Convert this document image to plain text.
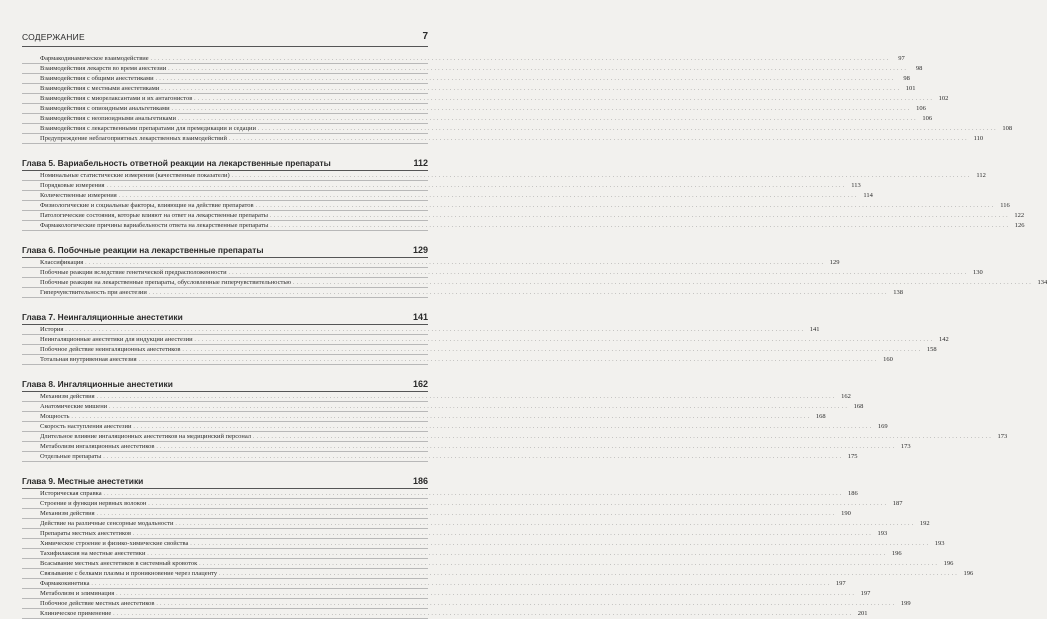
СОДЕРЖАНИЕ	7
Фармакодинамическое взаимодействие . . . . . . . . . . . . . . . . . . . . . . . . . . . . . . . . . . . . . . . . . . . . . . . . . . . . . . . . . . . . . . . . . . . . . . . . . . . . . . . . . . . . . . . . . . . . . . . . . . . . . . . . . . . . . . . . . . . . . . . . . . . . . . . . . . . . . . . . . . . . . . . . . . . . . . . . . . . . . . . . . . . . . . . . . . . . . . . . . . . . . . . . . . . . . . . . . . . . . . . .	97
Взаимодействия лекарств во время анестезии . . . . . . . . . . . . . . . . . . . . . . . . . . . . . . . . . . . . . . . . . . . . . . . . . . . . . . . . . . . . . . . . . . . . . . . . . . . . . . . . . . . . . . . . . . . . . . . . . . . . . . . . . . . . . . . . . . . . . . . . . . . . . . . . . . . . . . . . . . . . . . . . . . . . . . . . . . . . . . . . . . . . . . . . . . . . . . . . . . . . . . . . . . . . . . . . . . . . . . . .	98
Взаимодействия с общими анестетиками . . . . . . . . . . . . . . . . . . . . . . . . . . . . . . . . . . . . . . . . . . . . . . . . . . . . . . . . . . . . . . . . . . . . . . . . . . . . . . . . . . . . . . . . . . . . . . . . . . . . . . . . . . . . . . . . . . . . . . . . . . . . . . . . . . . . . . . . . . . . . . . . . . . . . . . . . . . . . . . . . . . . . . . . . . . . . . . . . . . . . . . . . . . . . . . . . . . . . . . .	98
Взаимодействия с местными анестетиками . . . . . . . . . . . . . . . . . . . . . . . . . . . . . . . . . . . . . . . . . . . . . . . . . . . . . . . . . . . . . . . . . . . . . . . . . . . . . . . . . . . . . . . . . . . . . . . . . . . . . . . . . . . . . . . . . . . . . . . . . . . . . . . . . . . . . . . . . . . . . . . . . . . . . . . . . . . . . . . . . . . . . . . . . . . . . . . . . . . . . . . . . . . . . . . . . . . . . . . . 101
Взаимодействия с миорелаксантами и их антагонистов . . . . . . . . . . . . . . . . . . . . . . . . . . . . . . . . . . . . . . . . . . . . . . . . . . . . . . . . . . . . . . . . . . . . . . . . . . . . . . . . . . . . . . . . . . . . . . . . . . . . . . . . . . . . . . . . . . . . . . . . . . . . . . . . . . . . . . . . . . . . . . . . . . . . . . . . . . . . . . . . . . . . . . . . . . . . . . . . . . . . . . . . . . . . . . . . . . . . . . . . 102
Взаимодействия с опиоидными анальгетиками . . . . . . . . . . . . . . . . . . . . . . . . . . . . . . . . . . . . . . . . . . . . . . . . . . . . . . . . . . . . . . . . . . . . . . . . . . . . . . . . . . . . . . . . . . . . . . . . . . . . . . . . . . . . . . . . . . . . . . . . . . . . . . . . . . . . . . . . . . . . . . . . . . . . . . . . . . . . . . . . . . . . . . . . . . . . . . . . . . . . . . . . . . . . . . . . . . . . . . . . 106
Взаимодействия с неопиоидными анальгетиками . . . . . . . . . . . . . . . . . . . . . . . . . . . . . . . . . . . . . . . . . . . . . . . . . . . . . . . . . . . . . . . . . . . . . . . . . . . . . . . . . . . . . . . . . . . . . . . . . . . . . . . . . . . . . . . . . . . . . . . . . . . . . . . . . . . . . . . . . . . . . . . . . . . . . . . . . . . . . . . . . . . . . . . . . . . . . . . . . . . . . . . . . . . . . . . . . . . . . . . . 106
Взаимодействия с лекарственными препаратами для премедикации и седации . . . . . . . . . . . . . . . . . . . . . . . . . . . . . . . . . . . . . . . . . . . . . . . . . . . . . . . . . . . . . . . . . . . . . . . . . . . . . . . . . . . . . . . . . . . . . . . . . . . . . . . . . . . . . . . . . . . . . . . . . . . . . . . . . . . . . . . . . . . . . . . . . . . . . . . . . . . . . . . . . . . . . . . . . . . . . . . . . . . . . . . . . . . . . . . . . . . . . . . . 108
Предупреждение неблагоприятных лекарственных взаимодействий . . . . . . . . . . . . . . . . . . . . . . . . . . . . . . . . . . . . . . . . . . . . . . . . . . . . . . . . . . . . . . . . . . . . . . . . . . . . . . . . . . . . . . . . . . . . . . . . . . . . . . . . . . . . . . . . . . . . . . . . . . . . . . . . . . . . . . . . . . . . . . . . . . . . . . . . . . . . . . . . . . . . . . . . . . . . . . . . . . . . . . . . . . . . . . . . . . . . . . . . 110
Глава 5. Вариабельность ответной реакции на лекарственные препараты	112
Номинальные статистические измерения (качественные показатели) . . . . . . . . . . . . . . . . . . . . . . . . . . . . . . . . . . . . . . . . . . . . . . . . . . . . . . . . . . . . . . . . . . . . . . . . . . . . . . . . . . . . . . . . . . . . . . . . . . . . . . . . . . . . . . . . . . . . . . . . . . . . . . . . . . . . . . . . . . . . . . . . . . . . . . . . . . . . . . . . . . . . . . . . . . . . . . . . . . . . . . . . . . . . . . . . . . . . . . . . 112
Порядковые измерения . . . . . . . . . . . . . . . . . . . . . . . . . . . . . . . . . . . . . . . . . . . . . . . . . . . . . . . . . . . . . . . . . . . . . . . . . . . . . . . . . . . . . . . . . . . . . . . . . . . . . . . . . . . . . . . . . . . . . . . . . . . . . . . . . . . . . . . . . . . . . . . . . . . . . . . . . . . . . . . . . . . . . . . . . . . . . . . . . . . . . . . . . . . . . . . . . . . . . . . . 113
Количественные измерения . . . . . . . . . . . . . . . . . . . . . . . . . . . . . . . . . . . . . . . . . . . . . . . . . . . . . . . . . . . . . . . . . . . . . . . . . . . . . . . . . . . . . . . . . . . . . . . . . . . . . . . . . . . . . . . . . . . . . . . . . . . . . . . . . . . . . . . . . . . . . . . . . . . . . . . . . . . . . . . . . . . . . . . . . . . . . . . . . . . . . . . . . . . . . . . . . . . . . . . . 114
Физиологические и социальные факторы, влияющие на действие препаратов . . . . . . . . . . . . . . . . . . . . . . . . . . . . . . . . . . . . . . . . . . . . . . . . . . . . . . . . . . . . . . . . . . . . . . . . . . . . . . . . . . . . . . . . . . . . . . . . . . . . . . . . . . . . . . . . . . . . . . . . . . . . . . . . . . . . . . . . . . . . . . . . . . . . . . . . . . . . . . . . . . . . . . . . . . . . . . . . . . . . . . . . . . . . . . . . . . . . . . . . 116
Патологические состояния, которые влияют на ответ на лекарственные препараты . . . . . . . . . . . . . . . . . . . . . . . . . . . . . . . . . . . . . . . . . . . . . . . . . . . . . . . . . . . . . . . . . . . . . . . . . . . . . . . . . . . . . . . . . . . . . . . . . . . . . . . . . . . . . . . . . . . . . . . . . . . . . . . . . . . . . . . . . . . . . . . . . . . . . . . . . . . . . . . . . . . . . . . . . . . . . . . . . . . . . . . . . . . . . . . . . . . . . . . . 122
Фармакологические причины вариабельности ответа на лекарственные препараты . . . . . . . . . . . . . . . . . . . . . . . . . . . . . . . . . . . . . . . . . . . . . . . . . . . . . . . . . . . . . . . . . . . . . . . . . . . . . . . . . . . . . . . . . . . . . . . . . . . . . . . . . . . . . . . . . . . . . . . . . . . . . . . . . . . . . . . . . . . . . . . . . . . . . . . . . . . . . . . . . . . . . . . . . . . . . . . . . . . . . . . . . . . . . . . . . . . . . . . . 126
Глава 6. Побочные реакции на лекарственные препараты	129
Классификация . . . . . . . . . . . . . . . . . . . . . . . . . . . . . . . . . . . . . . . . . . . . . . . . . . . . . . . . . . . . . . . . . . . . . . . . . . . . . . . . . . . . . . . . . . . . . . . . . . . . . . . . . . . . . . . . . . . . . . . . . . . . . . . . . . . . . . . . . . . . . . . . . . . . . . . . . . . . . . . . . . . . . . . . . . . . . . . . . . . . . . . . . . . . . . . . . . . . . . . . 129
Побочные реакции вследствие генетической предрасположенности . . . . . . . . . . . . . . . . . . . . . . . . . . . . . . . . . . . . . . . . . . . . . . . . . . . . . . . . . . . . . . . . . . . . . . . . . . . . . . . . . . . . . . . . . . . . . . . . . . . . . . . . . . . . . . . . . . . . . . . . . . . . . . . . . . . . . . . . . . . . . . . . . . . . . . . . . . . . . . . . . . . . . . . . . . . . . . . . . . . . . . . . . . . . . . . . . . . . . . . . 130
Побочные реакции на лекарственные препараты, обусловленные гиперчувствительностью . . . . . . . . . . . . . . . . . . . . . . . . . . . . . . . . . . . . . . . . . . . . . . . . . . . . . . . . . . . . . . . . . . . . . . . . . . . . . . . . . . . . . . . . . . . . . . . . . . . . . . . . . . . . . . . . . . . . . . . . . . . . . . . . . . . . . . . . . . . . . . . . . . . . . . . . . . . . . . . . . . . . . . . . . . . . . . . . . . . . . . . . . . . . . . . . . . . . . . . . 134
Гиперчувствительность при анестезии . . . . . . . . . . . . . . . . . . . . . . . . . . . . . . . . . . . . . . . . . . . . . . . . . . . . . . . . . . . . . . . . . . . . . . . . . . . . . . . . . . . . . . . . . . . . . . . . . . . . . . . . . . . . . . . . . . . . . . . . . . . . . . . . . . . . . . . . . . . . . . . . . . . . . . . . . . . . . . . . . . . . . . . . . . . . . . . . . . . . . . . . . . . . . . . . . . . . . . . . 138
Глава 7. Неингаляционные анестетики	141
История . . . . . . . . . . . . . . . . . . . . . . . . . . . . . . . . . . . . . . . . . . . . . . . . . . . . . . . . . . . . . . . . . . . . . . . . . . . . . . . . . . . . . . . . . . . . . . . . . . . . . . . . . . . . . . . . . . . . . . . . . . . . . . . . . . . . . . . . . . . . . . . . . . . . . . . . . . . . . . . . . . . . . . . . . . . . . . . . . . . . . . . . . . . . . . . . . . . . . . . . 141
Неингаляционные анестетики для индукции анестезии . . . . . . . . . . . . . . . . . . . . . . . . . . . . . . . . . . . . . . . . . . . . . . . . . . . . . . . . . . . . . . . . . . . . . . . . . . . . . . . . . . . . . . . . . . . . . . . . . . . . . . . . . . . . . . . . . . . . . . . . . . . . . . . . . . . . . . . . . . . . . . . . . . . . . . . . . . . . . . . . . . . . . . . . . . . . . . . . . . . . . . . . . . . . . . . . . . . . . . . . 142
Побочное действие неингаляционных анестетиков . . . . . . . . . . . . . . . . . . . . . . . . . . . . . . . . . . . . . . . . . . . . . . . . . . . . . . . . . . . . . . . . . . . . . . . . . . . . . . . . . . . . . . . . . . . . . . . . . . . . . . . . . . . . . . . . . . . . . . . . . . . . . . . . . . . . . . . . . . . . . . . . . . . . . . . . . . . . . . . . . . . . . . . . . . . . . . . . . . . . . . . . . . . . . . . . . . . . . . . . 158
Тотальная внутривенная анестезия . . . . . . . . . . . . . . . . . . . . . . . . . . . . . . . . . . . . . . . . . . . . . . . . . . . . . . . . . . . . . . . . . . . . . . . . . . . . . . . . . . . . . . . . . . . . . . . . . . . . . . . . . . . . . . . . . . . . . . . . . . . . . . . . . . . . . . . . . . . . . . . . . . . . . . . . . . . . . . . . . . . . . . . . . . . . . . . . . . . . . . . . . . . . . . . . . . . . . . . . 160
Глава 8. Ингаляционные анестетики	162
Механизм действия . . . . . . . . . . . . . . . . . . . . . . . . . . . . . . . . . . . . . . . . . . . . . . . . . . . . . . . . . . . . . . . . . . . . . . . . . . . . . . . . . . . . . . . . . . . . . . . . . . . . . . . . . . . . . . . . . . . . . . . . . . . . . . . . . . . . . . . . . . . . . . . . . . . . . . . . . . . . . . . . . . . . . . . . . . . . . . . . . . . . . . . . . . . . . . . . . . . . . . . . 162
Анатомические мишени . . . . . . . . . . . . . . . . . . . . . . . . . . . . . . . . . . . . . . . . . . . . . . . . . . . . . . . . . . . . . . . . . . . . . . . . . . . . . . . . . . . . . . . . . . . . . . . . . . . . . . . . . . . . . . . . . . . . . . . . . . . . . . . . . . . . . . . . . . . . . . . . . . . . . . . . . . . . . . . . . . . . . . . . . . . . . . . . . . . . . . . . . . . . . . . . . . . . . . . . 168
Мощность . . . . . . . . . . . . . . . . . . . . . . . . . . . . . . . . . . . . . . . . . . . . . . . . . . . . . . . . . . . . . . . . . . . . . . . . . . . . . . . . . . . . . . . . . . . . . . . . . . . . . . . . . . . . . . . . . . . . . . . . . . . . . . . . . . . . . . . . . . . . . . . . . . . . . . . . . . . . . . . . . . . . . . . . . . . . . . . . . . . . . . . . . . . . . . . . . . . . . . . . 168
Скорость наступления анестезии . . . . . . . . . . . . . . . . . . . . . . . . . . . . . . . . . . . . . . . . . . . . . . . . . . . . . . . . . . . . . . . . . . . . . . . . . . . . . . . . . . . . . . . . . . . . . . . . . . . . . . . . . . . . . . . . . . . . . . . . . . . . . . . . . . . . . . . . . . . . . . . . . . . . . . . . . . . . . . . . . . . . . . . . . . . . . . . . . . . . . . . . . . . . . . . . . . . . . . . . 169
Длительное влияние ингаляционных анестетиков на медицинский персонал . . . . . . . . . . . . . . . . . . . . . . . . . . . . . . . . . . . . . . . . . . . . . . . . . . . . . . . . . . . . . . . . . . . . . . . . . . . . . . . . . . . . . . . . . . . . . . . . . . . . . . . . . . . . . . . . . . . . . . . . . . . . . . . . . . . . . . . . . . . . . . . . . . . . . . . . . . . . . . . . . . . . . . . . . . . . . . . . . . . . . . . . . . . . . . . . . . . . . . . . 173
Метаболизм ингаляционных анестетиков . . . . . . . . . . . . . . . . . . . . . . . . . . . . . . . . . . . . . . . . . . . . . . . . . . . . . . . . . . . . . . . . . . . . . . . . . . . . . . . . . . . . . . . . . . . . . . . . . . . . . . . . . . . . . . . . . . . . . . . . . . . . . . . . . . . . . . . . . . . . . . . . . . . . . . . . . . . . . . . . . . . . . . . . . . . . . . . . . . . . . . . . . . . . . . . . . . . . . . . . 173
Отдельные препараты . . . . . . . . . . . . . . . . . . . . . . . . . . . . . . . . . . . . . . . . . . . . . . . . . . . . . . . . . . . . . . . . . . . . . . . . . . . . . . . . . . . . . . . . . . . . . . . . . . . . . . . . . . . . . . . . . . . . . . . . . . . . . . . . . . . . . . . . . . . . . . . . . . . . . . . . . . . . . . . . . . . . . . . . . . . . . . . . . . . . . . . . . . . . . . . . . . . . . . . . 175
Глава 9. Местные анестетики	186
Историческая справка . . . . . . . . . . . . . . . . . . . . . . . . . . . . . . . . . . . . . . . . . . . . . . . . . . . . . . . . . . . . . . . . . . . . . . . . . . . . . . . . . . . . . . . . . . . . . . . . . . . . . . . . . . . . . . . . . . . . . . . . . . . . . . . . . . . . . . . . . . . . . . . . . . . . . . . . . . . . . . . . . . . . . . . . . . . . . . . . . . . . . . . . . . . . . . . . . . . . . . . . 186
Строение и функция нервных волокон . . . . . . . . . . . . . . . . . . . . . . . . . . . . . . . . . . . . . . . . . . . . . . . . . . . . . . . . . . . . . . . . . . . . . . . . . . . . . . . . . . . . . . . . . . . . . . . . . . . . . . . . . . . . . . . . . . . . . . . . . . . . . . . . . . . . . . . . . . . . . . . . . . . . . . . . . . . . . . . . . . . . . . . . . . . . . . . . . . . . . . . . . . . . . . . . . . . . . . . . 187
Механизм действия . . . . . . . . . . . . . . . . . . . . . . . . . . . . . . . . . . . . . . . . . . . . . . . . . . . . . . . . . . . . . . . . . . . . . . . . . . . . . . . . . . . . . . . . . . . . . . . . . . . . . . . . . . . . . . . . . . . . . . . . . . . . . . . . . . . . . . . . . . . . . . . . . . . . . . . . . . . . . . . . . . . . . . . . . . . . . . . . . . . . . . . . . . . . . . . . . . . . . . . . 190
Действие на различные сенсорные модальности . . . . . . . . . . . . . . . . . . . . . . . . . . . . . . . . . . . . . . . . . . . . . . . . . . . . . . . . . . . . . . . . . . . . . . . . . . . . . . . . . . . . . . . . . . . . . . . . . . . . . . . . . . . . . . . . . . . . . . . . . . . . . . . . . . . . . . . . . . . . . . . . . . . . . . . . . . . . . . . . . . . . . . . . . . . . . . . . . . . . . . . . . . . . . . . . . . . . . . . . 192
Препараты местных анестетиков . . . . . . . . . . . . . . . . . . . . . . . . . . . . . . . . . . . . . . . . . . . . . . . . . . . . . . . . . . . . . . . . . . . . . . . . . . . . . . . . . . . . . . . . . . . . . . . . . . . . . . . . . . . . . . . . . . . . . . . . . . . . . . . . . . . . . . . . . . . . . . . . . . . . . . . . . . . . . . . . . . . . . . . . . . . . . . . . . . . . . . . . . . . . . . . . . . . . . . . . 193
Химическое строение и физико-химические свойства . . . . . . . . . . . . . . . . . . . . . . . . . . . . . . . . . . . . . . . . . . . . . . . . . . . . . . . . . . . . . . . . . . . . . . . . . . . . . . . . . . . . . . . . . . . . . . . . . . . . . . . . . . . . . . . . . . . . . . . . . . . . . . . . . . . . . . . . . . . . . . . . . . . . . . . . . . . . . . . . . . . . . . . . . . . . . . . . . . . . . . . . . . . . . . . . . . . . . . . . 193
Тахифилаксия на местные анестетики . . . . . . . . . . . . . . . . . . . . . . . . . . . . . . . . . . . . . . . . . . . . . . . . . . . . . . . . . . . . . . . . . . . . . . . . . . . . . . . . . . . . . . . . . . . . . . . . . . . . . . . . . . . . . . . . . . . . . . . . . . . . . . . . . . . . . . . . . . . . . . . . . . . . . . . . . . . . . . . . . . . . . . . . . . . . . . . . . . . . . . . . . . . . . . . . . . . . . . . . 196
Всасывание местных анестетиков в системный кровоток . . . . . . . . . . . . . . . . . . . . . . . . . . . . . . . . . . . . . . . . . . . . . . . . . . . . . . . . . . . . . . . . . . . . . . . . . . . . . . . . . . . . . . . . . . . . . . . . . . . . . . . . . . . . . . . . . . . . . . . . . . . . . . . . . . . . . . . . . . . . . . . . . . . . . . . . . . . . . . . . . . . . . . . . . . . . . . . . . . . . . . . . . . . . . . . . . . . . . . . . 196
Связывание с белками плазмы и проникновение через плаценту . . . . . . . . . . . . . . . . . . . . . . . . . . . . . . . . . . . . . . . . . . . . . . . . . . . . . . . . . . . . . . . . . . . . . . . . . . . . . . . . . . . . . . . . . . . . . . . . . . . . . . . . . . . . . . . . . . . . . . . . . . . . . . . . . . . . . . . . . . . . . . . . . . . . . . . . . . . . . . . . . . . . . . . . . . . . . . . . . . . . . . . . . . . . . . . . . . . . . . . . 196
Фармакокинетика . . . . . . . . . . . . . . . . . . . . . . . . . . . . . . . . . . . . . . . . . . . . . . . . . . . . . . . . . . . . . . . . . . . . . . . . . . . . . . . . . . . . . . . . . . . . . . . . . . . . . . . . . . . . . . . . . . . . . . . . . . . . . . . . . . . . . . . . . . . . . . . . . . . . . . . . . . . . . . . . . . . . . . . . . . . . . . . . . . . . . . . . . . . . . . . . . . . . . . . . 197
Метаболизм и элиминация . . . . . . . . . . . . . . . . . . . . . . . . . . . . . . . . . . . . . . . . . . . . . . . . . . . . . . . . . . . . . . . . . . . . . . . . . . . . . . . . . . . . . . . . . . . . . . . . . . . . . . . . . . . . . . . . . . . . . . . . . . . . . . . . . . . . . . . . . . . . . . . . . . . . . . . . . . . . . . . . . . . . . . . . . . . . . . . . . . . . . . . . . . . . . . . . . . . . . . . . 197
Побочное действие местных анестетиков . . . . . . . . . . . . . . . . . . . . . . . . . . . . . . . . . . . . . . . . . . . . . . . . . . . . . . . . . . . . . . . . . . . . . . . . . . . . . . . . . . . . . . . . . . . . . . . . . . . . . . . . . . . . . . . . . . . . . . . . . . . . . . . . . . . . . . . . . . . . . . . . . . . . . . . . . . . . . . . . . . . . . . . . . . . . . . . . . . . . . . . . . . . . . . . . . . . . . . . . 199
Клиническое применение . . . . . . . . . . . . . . . . . . . . . . . . . . . . . . . . . . . . . . . . . . . . . . . . . . . . . . . . . . . . . . . . . . . . . . . . . . . . . . . . . . . . . . . . . . . . . . . . . . . . . . . . . . . . . . . . . . . . . . . . . . . . . . . . . . . . . . . . . . . . . . . . . . . . . . . . . . . . . . . . . . . . . . . . . . . . . . . . . . . . . . . . . . . . . . . . . . . . . . . . 201
